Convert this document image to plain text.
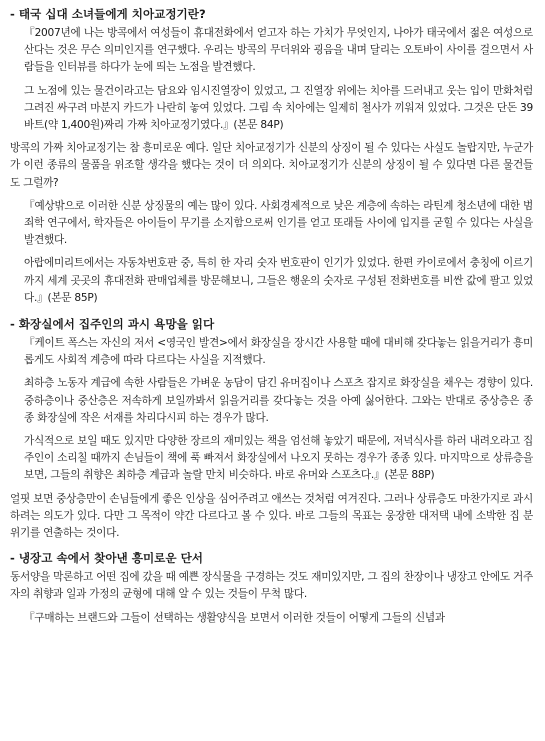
- 태국 십대 소녀들에게 치아교정기란?

『2007년에 나는 방콕에서 여성들이 휴대전화에서 얻고자 하는 가치가 무엇인지, 나아가 태국에서 젊은 여성으로 산다는 것은 무슨 의미인지를 연구했다. 우리는 방콕의 무더위와 굉음을 내며 달리는 오토바이 사이를 걸으면서 사람들을 인터뷰를 하다가 눈에 띄는 노점을 발견했다.

그 노점에 있는 물건이라고는 담요와 임시진열장이 있었고, 그 진열장 위에는 치아를 드러내고 웃는 입이 만화처럼 그려진 싸구려 마분지 카드가 나란히 놓여 있었다. 그림 속 치아에는 일제히 철사가 끼워져 있었다. 그것은 단돈 39바트(약 1,400원)짜리 가짜 치아교정기였다.』(본문 84P)

방콕의 가짜 치아교정기는 참 흥미로운 예다. 일단 치아교정기가 신분의 상징이 될 수 있다는 사실도 놀랍지만, 누군가가 이런 종류의 물품을 위조할 생각을 했다는 것이 더 의외다. 치아교정기가 신분의 상징이 될 수 있다면 다른 물건들도 그럴까?

『예상밖으로 이러한 신분 상징물의 예는 많이 있다. 사회경제적으로 낮은 계층에 속하는 라틴계 청소년에 대한 범죄학 연구에서, 학자들은 아이들이 무기를 소지함으로써 인기를 얻고 또래들 사이에 입지를 굳힐 수 있다는 사실을 발견했다.

아랍에미리트에서는 자동차번호판 중, 특히 한 자리 숫자 번호판이 인기가 있었다. 한편 카이로에서 충칭에 이르기까지 세계 곳곳의 휴대전화 판매업체를 방문해보니, 그들은 행운의 숫자로 구성된 전화번호를 비싼 값에 팔고 있었다.』(본문 85P)

- 화장실에서 집주인의 과시 욕망을 읽다

『케이트 폭스는 자신의 저서 <영국인 발견>에서 화장실을 장시간 사용할 때에 대비해 갖다놓는 읽을거리가 흥미롭게도 사회적 계층에 따라 다르다는 사실을 지적했다.

최하층 노동자 계급에 속한 사람들은 가벼운 농담이 담긴 유머집이나 스포츠 잡지로 화장실을 채우는 경향이 있다. 중하층이나 중산층은 저속하게 보일까봐서 읽을거리를 갖다놓는 것을 아예 싫어한다. 그와는 반대로 중상층은 종종 화장실에 작은 서재를 차리다시피 하는 경우가 많다.

가식적으로 보일 때도 있지만 다양한 장르의 재미있는 책을 엄선해 놓았기 때문에, 저녁식사를 하러 내려오라고 집주인이 소리칠 때까지 손님들이 책에 푹 빠져서 화장실에서 나오지 못하는 경우가 종종 있다. 마지막으로 상류층을 보면, 그들의 취향은 최하층 계급과 놀랄 만치 비슷하다. 바로 유머와 스포츠다.』(본문 88P)

얼핏 보면 중상층만이 손님들에게 좋은 인상을 심어주려고 애쓰는 것처럼 여겨진다. 그러나 상류층도 마찬가지로 과시하려는 의도가 있다. 다만 그 목적이 약간 다르다고 볼 수 있다. 바로 그들의 목표는 웅장한 대저택 내에 소박한 집 분위기를 연출하는 것이다.

- 냉장고 속에서 찾아낸 흥미로운 단서

동서양을 막론하고 어떤 집에 갔을 때 예쁜 장식물을 구경하는 것도 재미있지만, 그 집의 찬장이나 냉장고 안에도 거주자의 취향과 일과 가정의 균형에 대해 알 수 있는 것들이 무척 많다.

『구매하는 브랜드와 그들이 선택하는 생활양식을 보면서 이러한 것들이 어떻게 그들의 신념과
